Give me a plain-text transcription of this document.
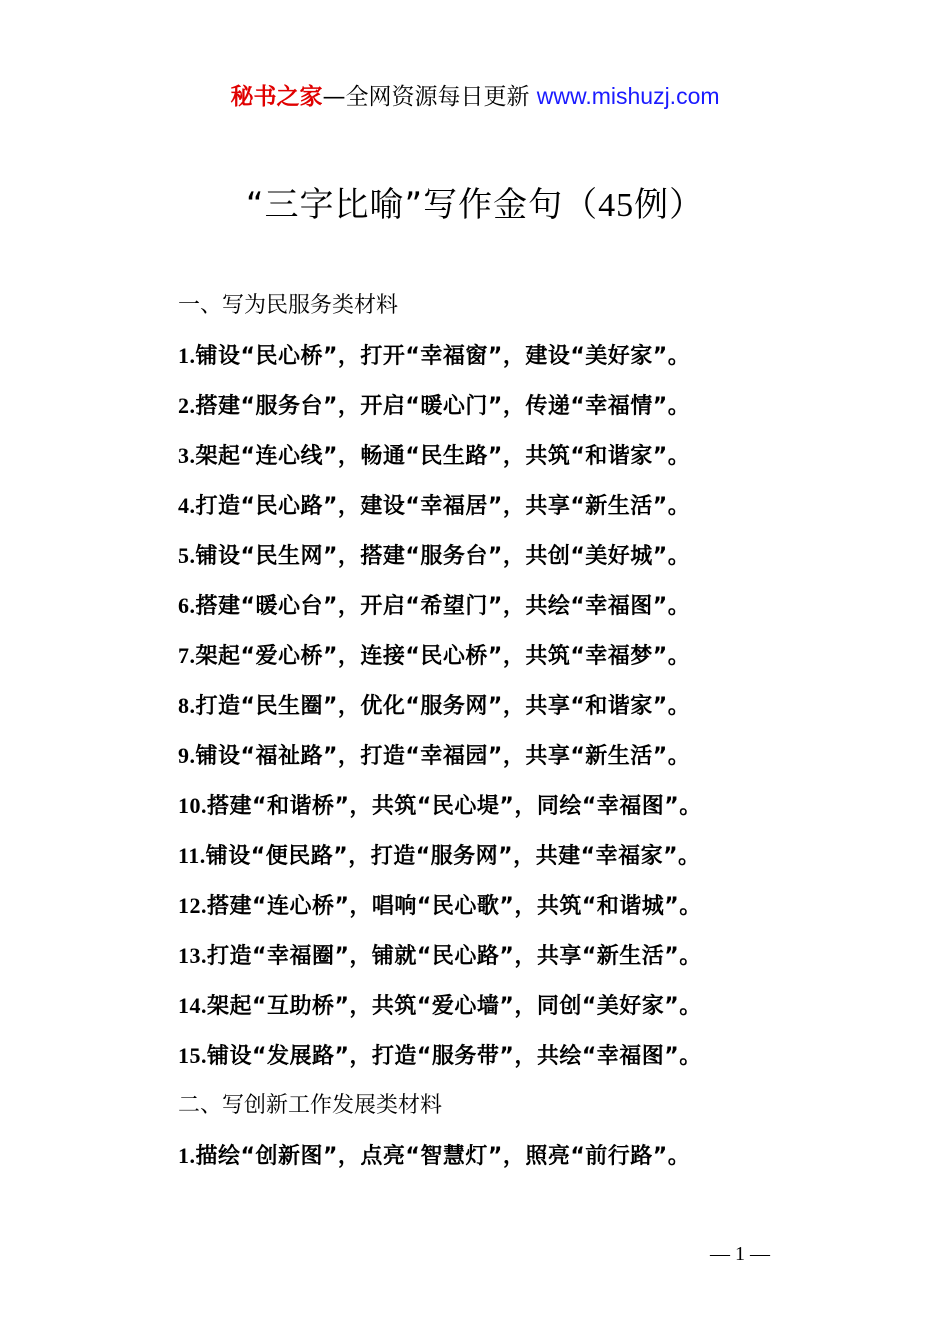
秘书之家—全网资源每日更新 www.mishuzj.com
“三字比喻”写作金句（45例）
一、写为民服务类材料
1.铺设“民心桥”，打开“幸福窗”，建设“美好家”。
2.搭建“服务台”，开启“暖心门”，传递“幸福情”。
3.架起“连心线”，畅通“民生路”，共筑“和谐家”。
4.打造“民心路”，建设“幸福居”，共享“新生活”。
5.铺设“民生网”，搭建“服务台”，共创“美好城”。
6.搭建“暖心台”，开启“希望门”，共绘“幸福图”。
7.架起“爱心桥”，连接“民心桥”，共筑“幸福梦”。
8.打造“民生圈”，优化“服务网”，共享“和谐家”。
9.铺设“福祉路”，打造“幸福园”，共享“新生活”。
10.搭建“和谐桥”，共筑“民心堤”，同绘“幸福图”。
11.铺设“便民路”，打造“服务网”，共建“幸福家”。
12.搭建“连心桥”，唱响“民心歌”，共筑“和谐城”。
13.打造“幸福圈”，铺就“民心路”，共享“新生活”。
14.架起“互助桥”，共筑“爱心墙”，同创“美好家”。
15.铺设“发展路”，打造“服务带”，共绘“幸福图”。
二、写创新工作发展类材料
1.描绘“创新图”，点亮“智慧灯”，照亮“前行路”。
— 1 —
